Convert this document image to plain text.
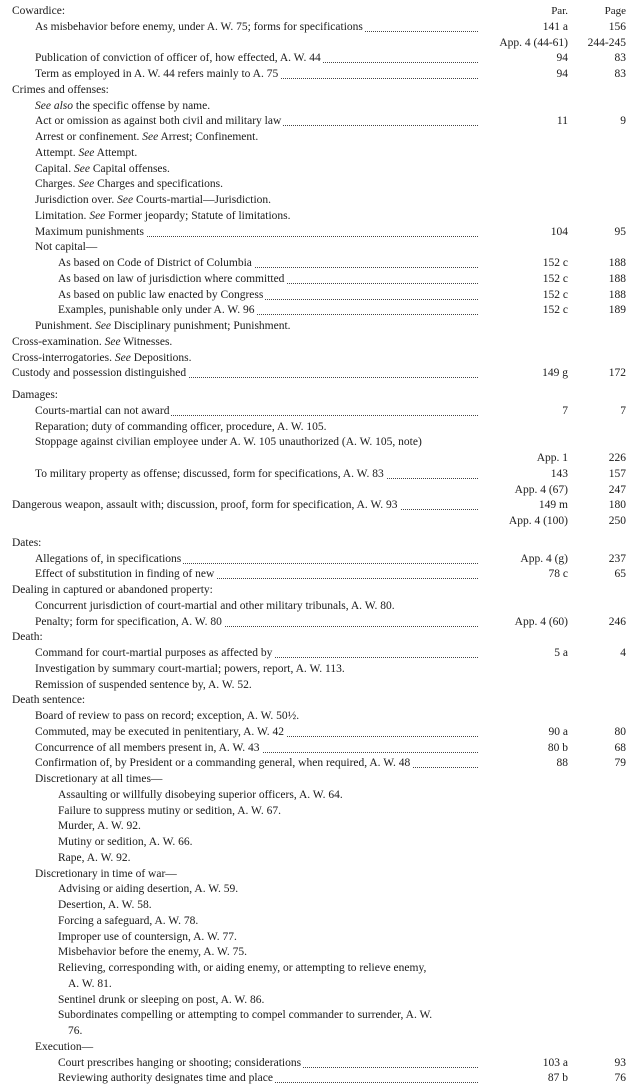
Par.	Page
Cowardice:
As misbehavior before enemy, under A. W. 75; forms for specifications	141 a	156
App. 4 (44-61)	244-245
Publication of conviction of officer of, how effected, A. W. 44	94	83
Term as employed in A. W. 44 refers mainly to A. 75	94	83
Crimes and offenses:
See also the specific offense by name.
Act or omission as against both civil and military law	11	9
Arrest or confinement. See Arrest; Confinement.
Attempt. See Attempt.
Capital. See Capital offenses.
Charges. See Charges and specifications.
Jurisdiction over. See Courts-martial—Jurisdiction.
Limitation. See Former jeopardy; Statute of limitations.
Maximum punishments	104	95
Not capital—
As based on Code of District of Columbia	152 c	188
As based on law of jurisdiction where committed	152 c	188
As based on public law enacted by Congress	152 c	188
Examples, punishable only under A. W. 96	152 c	189
Punishment. See Disciplinary punishment; Punishment.
Cross-examination. See Witnesses.
Cross-interrogatories. See Depositions.
Custody and possession distinguished	149 g	172
Damages:
Courts-martial can not award	7	7
Reparation; duty of commanding officer, procedure, A. W. 105.
Stoppage against civilian employee under A. W. 105 unauthorized (A. W. 105, note)
App. 1	226
To military property as offense; discussed, form for specifications, A. W. 83	143	157
App. 4 (67)	247
Dangerous weapon, assault with; discussion, proof, form for specification, A. W. 93	149 m	180
App. 4 (100)	250
Dates:
Allegations of, in specifications	App. 4 (g)	237
Effect of substitution in finding of new	78 c	65
Dealing in captured or abandoned property:
Concurrent jurisdiction of court-martial and other military tribunals, A. W. 80.
Penalty; form for specification, A. W. 80	App. 4 (60)	246
Death:
Command for court-martial purposes as affected by	5 a	4
Investigation by summary court-martial; powers, report, A. W. 113.
Remission of suspended sentence by, A. W. 52.
Death sentence:
Board of review to pass on record; exception, A. W. 50½.
Commuted, may be executed in penitentiary, A. W. 42	90 a	80
Concurrence of all members present in, A. W. 43	80 b	68
Confirmation of, by President or a commanding general, when required, A. W. 48	88	79
Discretionary at all times—
Assaulting or willfully disobeying superior officers, A. W. 64.
Failure to suppress mutiny or sedition, A. W. 67.
Murder, A. W. 92.
Mutiny or sedition, A. W. 66.
Rape, A. W. 92.
Discretionary in time of war—
Advising or aiding desertion, A. W. 59.
Desertion, A. W. 58.
Forcing a safeguard, A. W. 78.
Improper use of countersign, A. W. 77.
Misbehavior before the enemy, A. W. 75.
Relieving, corresponding with, or aiding enemy, or attempting to relieve enemy,
A. W. 81.
Sentinel drunk or sleeping on post, A. W. 86.
Subordinates compelling or attempting to compel commander to surrender, A. W.
76.
Execution—
Court prescribes hanging or shooting; considerations	103 a	93
Reviewing authority designates time and place	87 b	76
